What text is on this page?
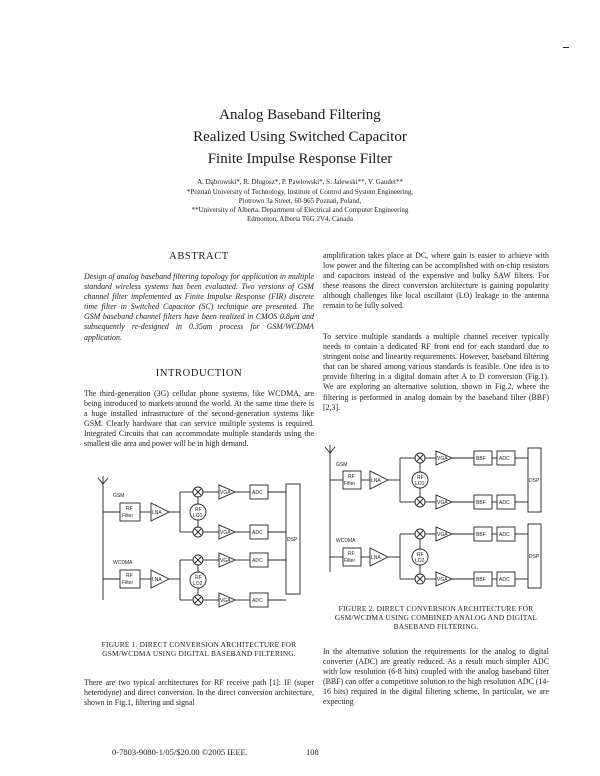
Analog Baseband Filtering
Realized Using Switched Capacitor
Finite Impulse Response Filter
A. Dąbrowski*, R. Długosz*, P. Pawłowski*, S. Jalewski**, V. Gaudet**
*Poznań University of Technology, Institute of Control and System Engineering,
Piotrowo 3a Street, 60-965 Poznań, Poland,
**University of Alberta, Department of Electrical and Computer Engineering
Edmonton, Alberta T6G 2V4, Canada
ABSTRACT

Design of analog baseband filtering topology for application in multiple standard wireless systems has been evaluated. Two versions of GSM channel filter implemented as Finite Impulse Response (FIR) discrete time filter in Switched Capacitor (SC) technique are presented. The GSM baseband channel filters have been realized in CMOS 0.8μm and subsequently re-designed in 0.35um process for GSM/WCDMA application.

INTRODUCTION

The third-generation (3G) cellular phone systems, like WCDMA, are being introduced to markets around the world. At the same time there is a huge installed infrastructure of the second-generation systems like GSM. Clearly hardware that can service multiple systems is required. Integrated Circuits that can accommodate multiple standards using the smallest die area and power will be in high demand.

GSM
WCDMA
RF
Filter
RF
Filter
LNA
LNA
RF
LO1
RF
LO2
VGA
VGA
VGA
VGA
ADC
ADC
ADC
ADC
DSP
FIGURE 1. DIRECT CONVERSION ARCHITECTURE FOR GSM/WCDMA USING DIGITAL BASEBAND FILTERING.

There are two typical architectures for RF receive path [1]: IF (super heterodyne) and direct conversion. In the direct conversion architecture, shown in Fig.1, filtering and signal

amplification takes place at DC, where gain is easier to achieve with low power and the filtering can be accomplished with on-chip resistors and capacitors instead of the expensive and bulky SAW filters. For these reasons the direct conversion architecture is gaining popularity although challenges like local oscillator (LO) leakage to the antenna remain to be fully solved.

To service multiple standards a multiple channel receiver typically needs to contain a dedicated RF front end for each standard due to stringent noise and linearity requirements. However, baseband filtering that can be shared among various standards is feasible. One idea is to provide filtering in a digital domain after A to D conversion (Fig.1). We are exploring an alternative solution, shown in Fig.2, where the filtering is performed in analog domain by the baseband filter (BBF) [2,3].

GSM
WCDMA
RF
Filter
RF
Filter
LNA
LNA
RF
LO1
RF
LO2
VGA
VGA
VGA
VGA
BBF
BBF
BBF
BBF
ADC
ADC
ADC
ADC
DSP
DSP
FIGURE 2. DIRECT CONVERSION ARCHITECTURE FOR GSM/WCDMA USING COMBINED ANALOG AND DIGITAL BASEBAND FILTERING.

In the alternative solution the requirements for the analog to digital converter (ADC) are greatly reduced. As a result much simpler ADC with low resolution (6-8 bits) coupled with the analog baseband filter (BBF) can offer a competitive solution to the high resolution ADC (14-16 bits) required in the digital filtering scheme. In particular, we are expecting

0-7803-9080-1/05/$20.00 ©2005 IEEE.	108
